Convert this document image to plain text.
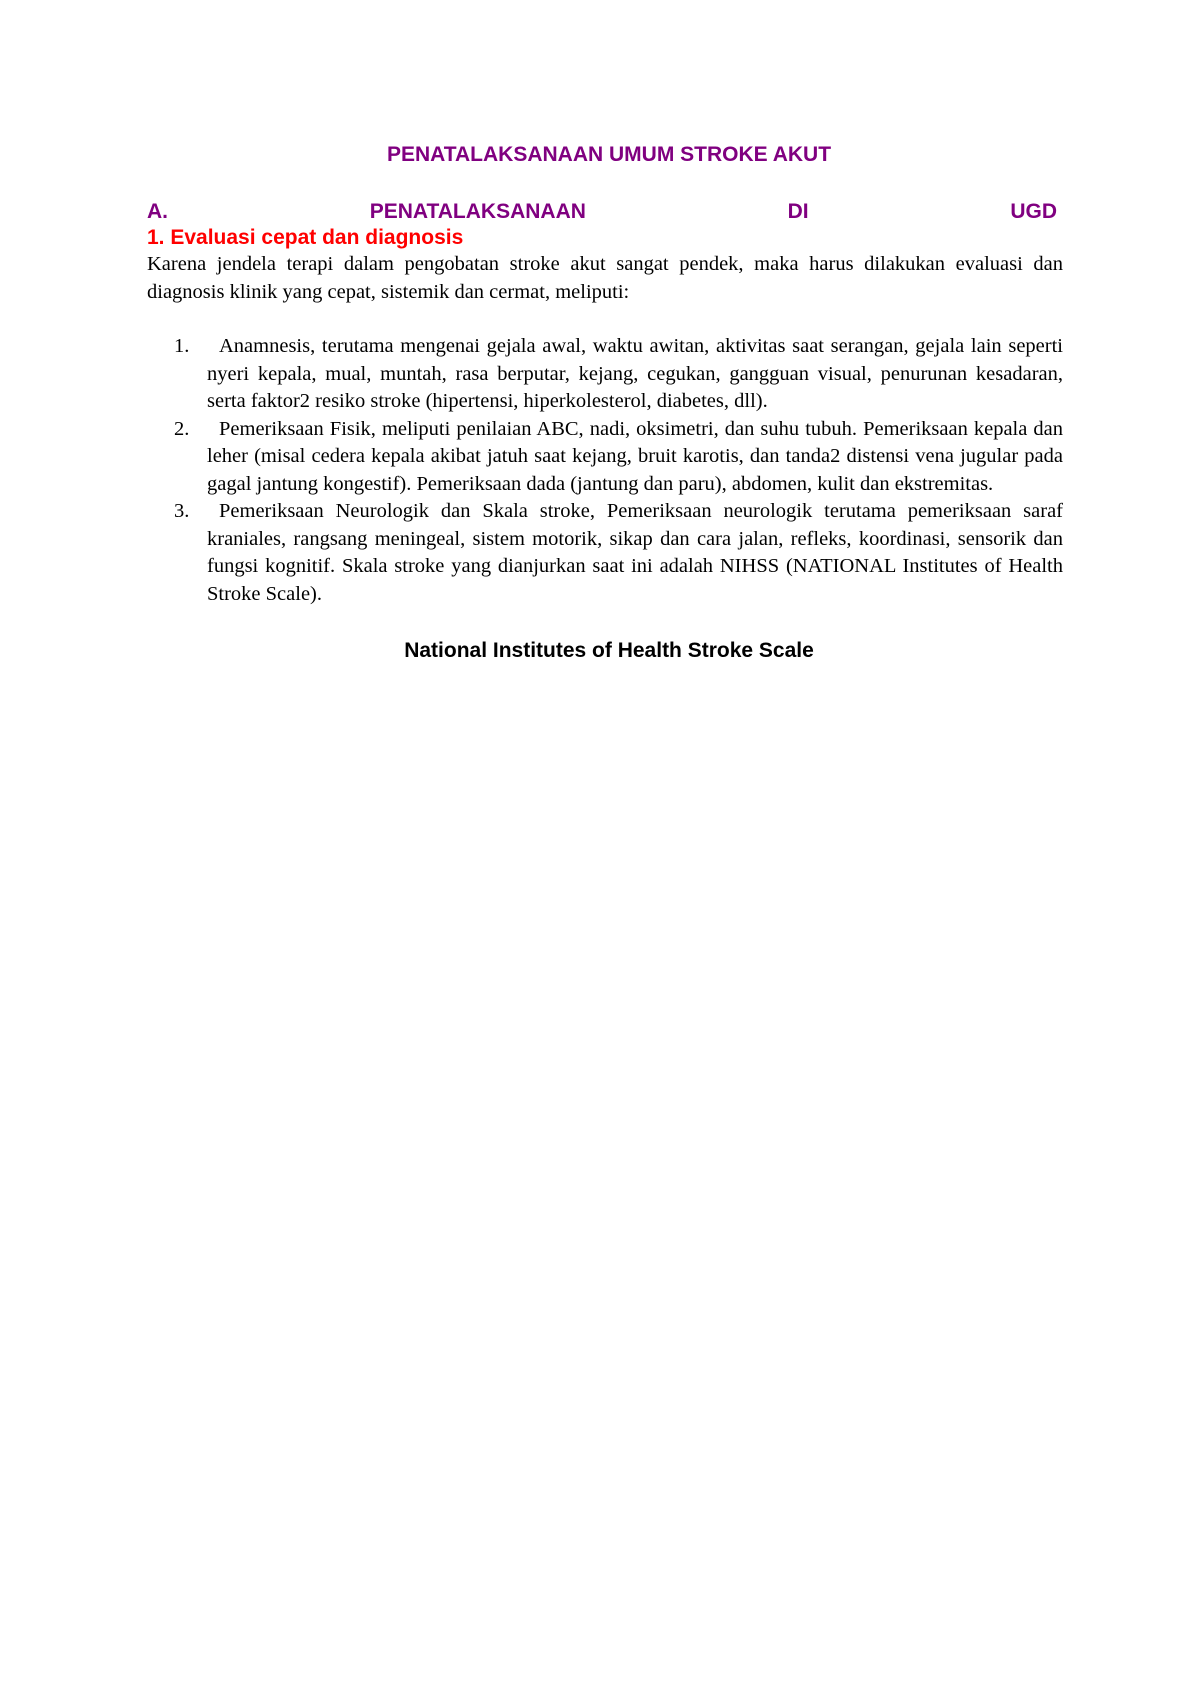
PENATALAKSANAAN UMUM STROKE AKUT
A.	PENATALAKSANAAN	DI	UGD
1. Evaluasi cepat dan diagnosis

Karena jendela terapi dalam pengobatan stroke akut sangat pendek, maka harus dilakukan evaluasi dan diagnosis klinik yang cepat, sistemik dan cermat, meliputi:

1.	Anamnesis, terutama mengenai gejala awal, waktu awitan, aktivitas saat serangan, gejala lain seperti nyeri kepala, mual, muntah, rasa berputar, kejang, cegukan, gangguan visual, penurunan kesadaran, serta faktor2 resiko stroke (hipertensi, hiperkolesterol, diabetes, dll).
2.	Pemeriksaan Fisik, meliputi penilaian ABC, nadi, oksimetri, dan suhu tubuh. Pemeriksaan kepala dan leher (misal cedera kepala akibat jatuh saat kejang, bruit karotis, dan tanda2 distensi vena jugular pada gagal jantung kongestif). Pemeriksaan dada (jantung dan paru), abdomen, kulit dan ekstremitas.
3.	Pemeriksaan Neurologik dan Skala stroke, Pemeriksaan neurologik terutama pemeriksaan saraf kraniales, rangsang meningeal, sistem motorik, sikap dan cara jalan, refleks, koordinasi, sensorik dan fungsi kognitif. Skala stroke yang dianjurkan saat ini adalah NIHSS (NATIONAL Institutes of Health Stroke Scale).
National Institutes of Health Stroke Scale
